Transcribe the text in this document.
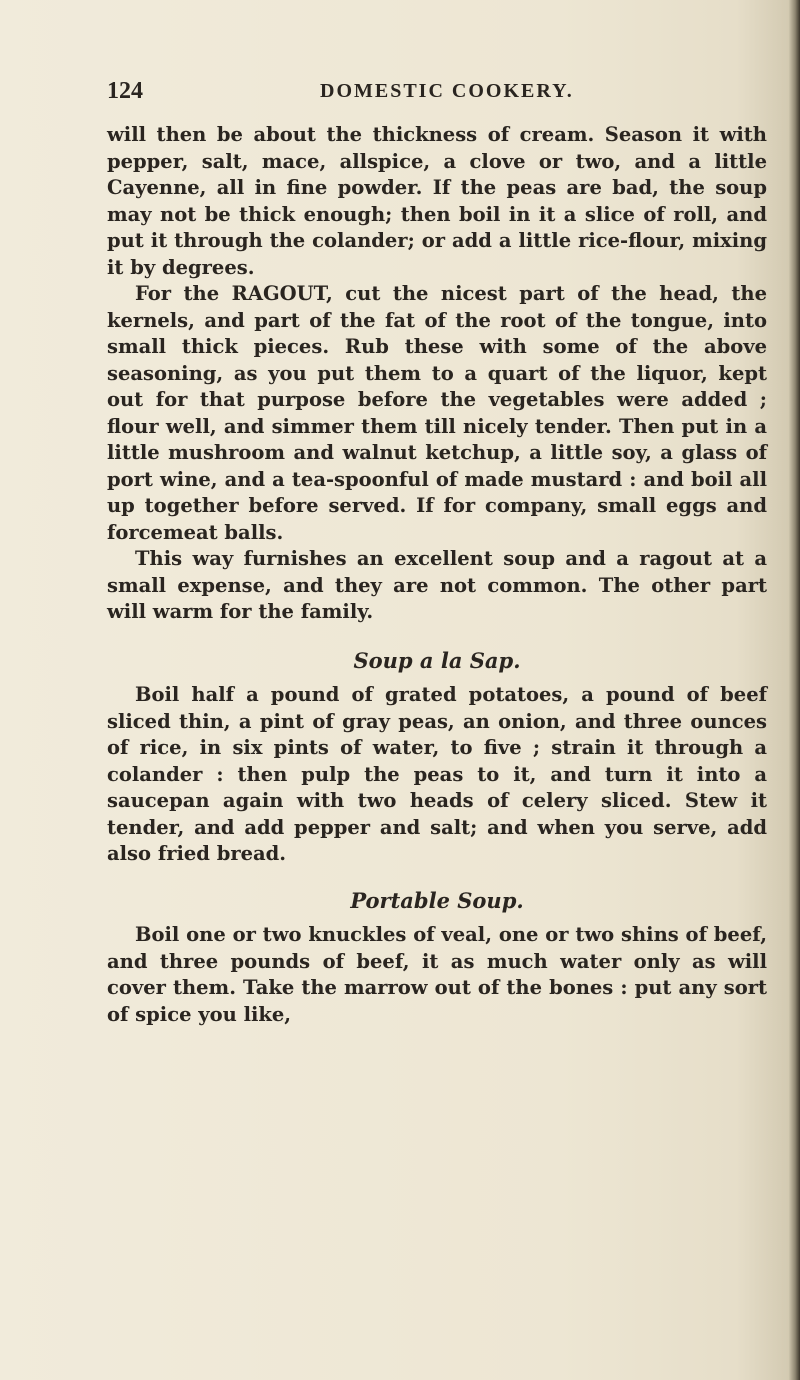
124	DOMESTIC COOKERY.

will then be about the thickness of cream. Season it with pepper, salt, mace, allspice, a clove or two, and a little Cayenne, all in fine powder. If the peas are bad, the soup may not be thick enough; then boil in it a slice of roll, and put it through the colander; or add a little rice-flour, mixing it by degrees.

For the RAGOUT, cut the nicest part of the head, the kernels, and part of the fat of the root of the tongue, into small thick pieces. Rub these with some of the above seasoning, as you put them to a quart of the liquor, kept out for that purpose before the vegetables were added ; flour well, and simmer them till nicely tender. Then put in a little mushroom and walnut ketchup, a little soy, a glass of port wine, and a tea-spoonful of made mustard : and boil all up together before served. If for company, small eggs and forcemeat balls.

This way furnishes an excellent soup and a ragout at a small expense, and they are not common. The other part will warm for the family.

Soup a la Sap.

Boil half a pound of grated potatoes, a pound of beef sliced thin, a pint of gray peas, an onion, and three ounces of rice, in six pints of water, to five ; strain it through a colander : then pulp the peas to it, and turn it into a saucepan again with two heads of celery sliced. Stew it tender, and add pepper and salt; and when you serve, add also fried bread.

Portable Soup.

Boil one or two knuckles of veal, one or two shins of beef, and three pounds of beef, it as much water only as will cover them. Take the marrow out of the bones : put any sort of spice you like,
